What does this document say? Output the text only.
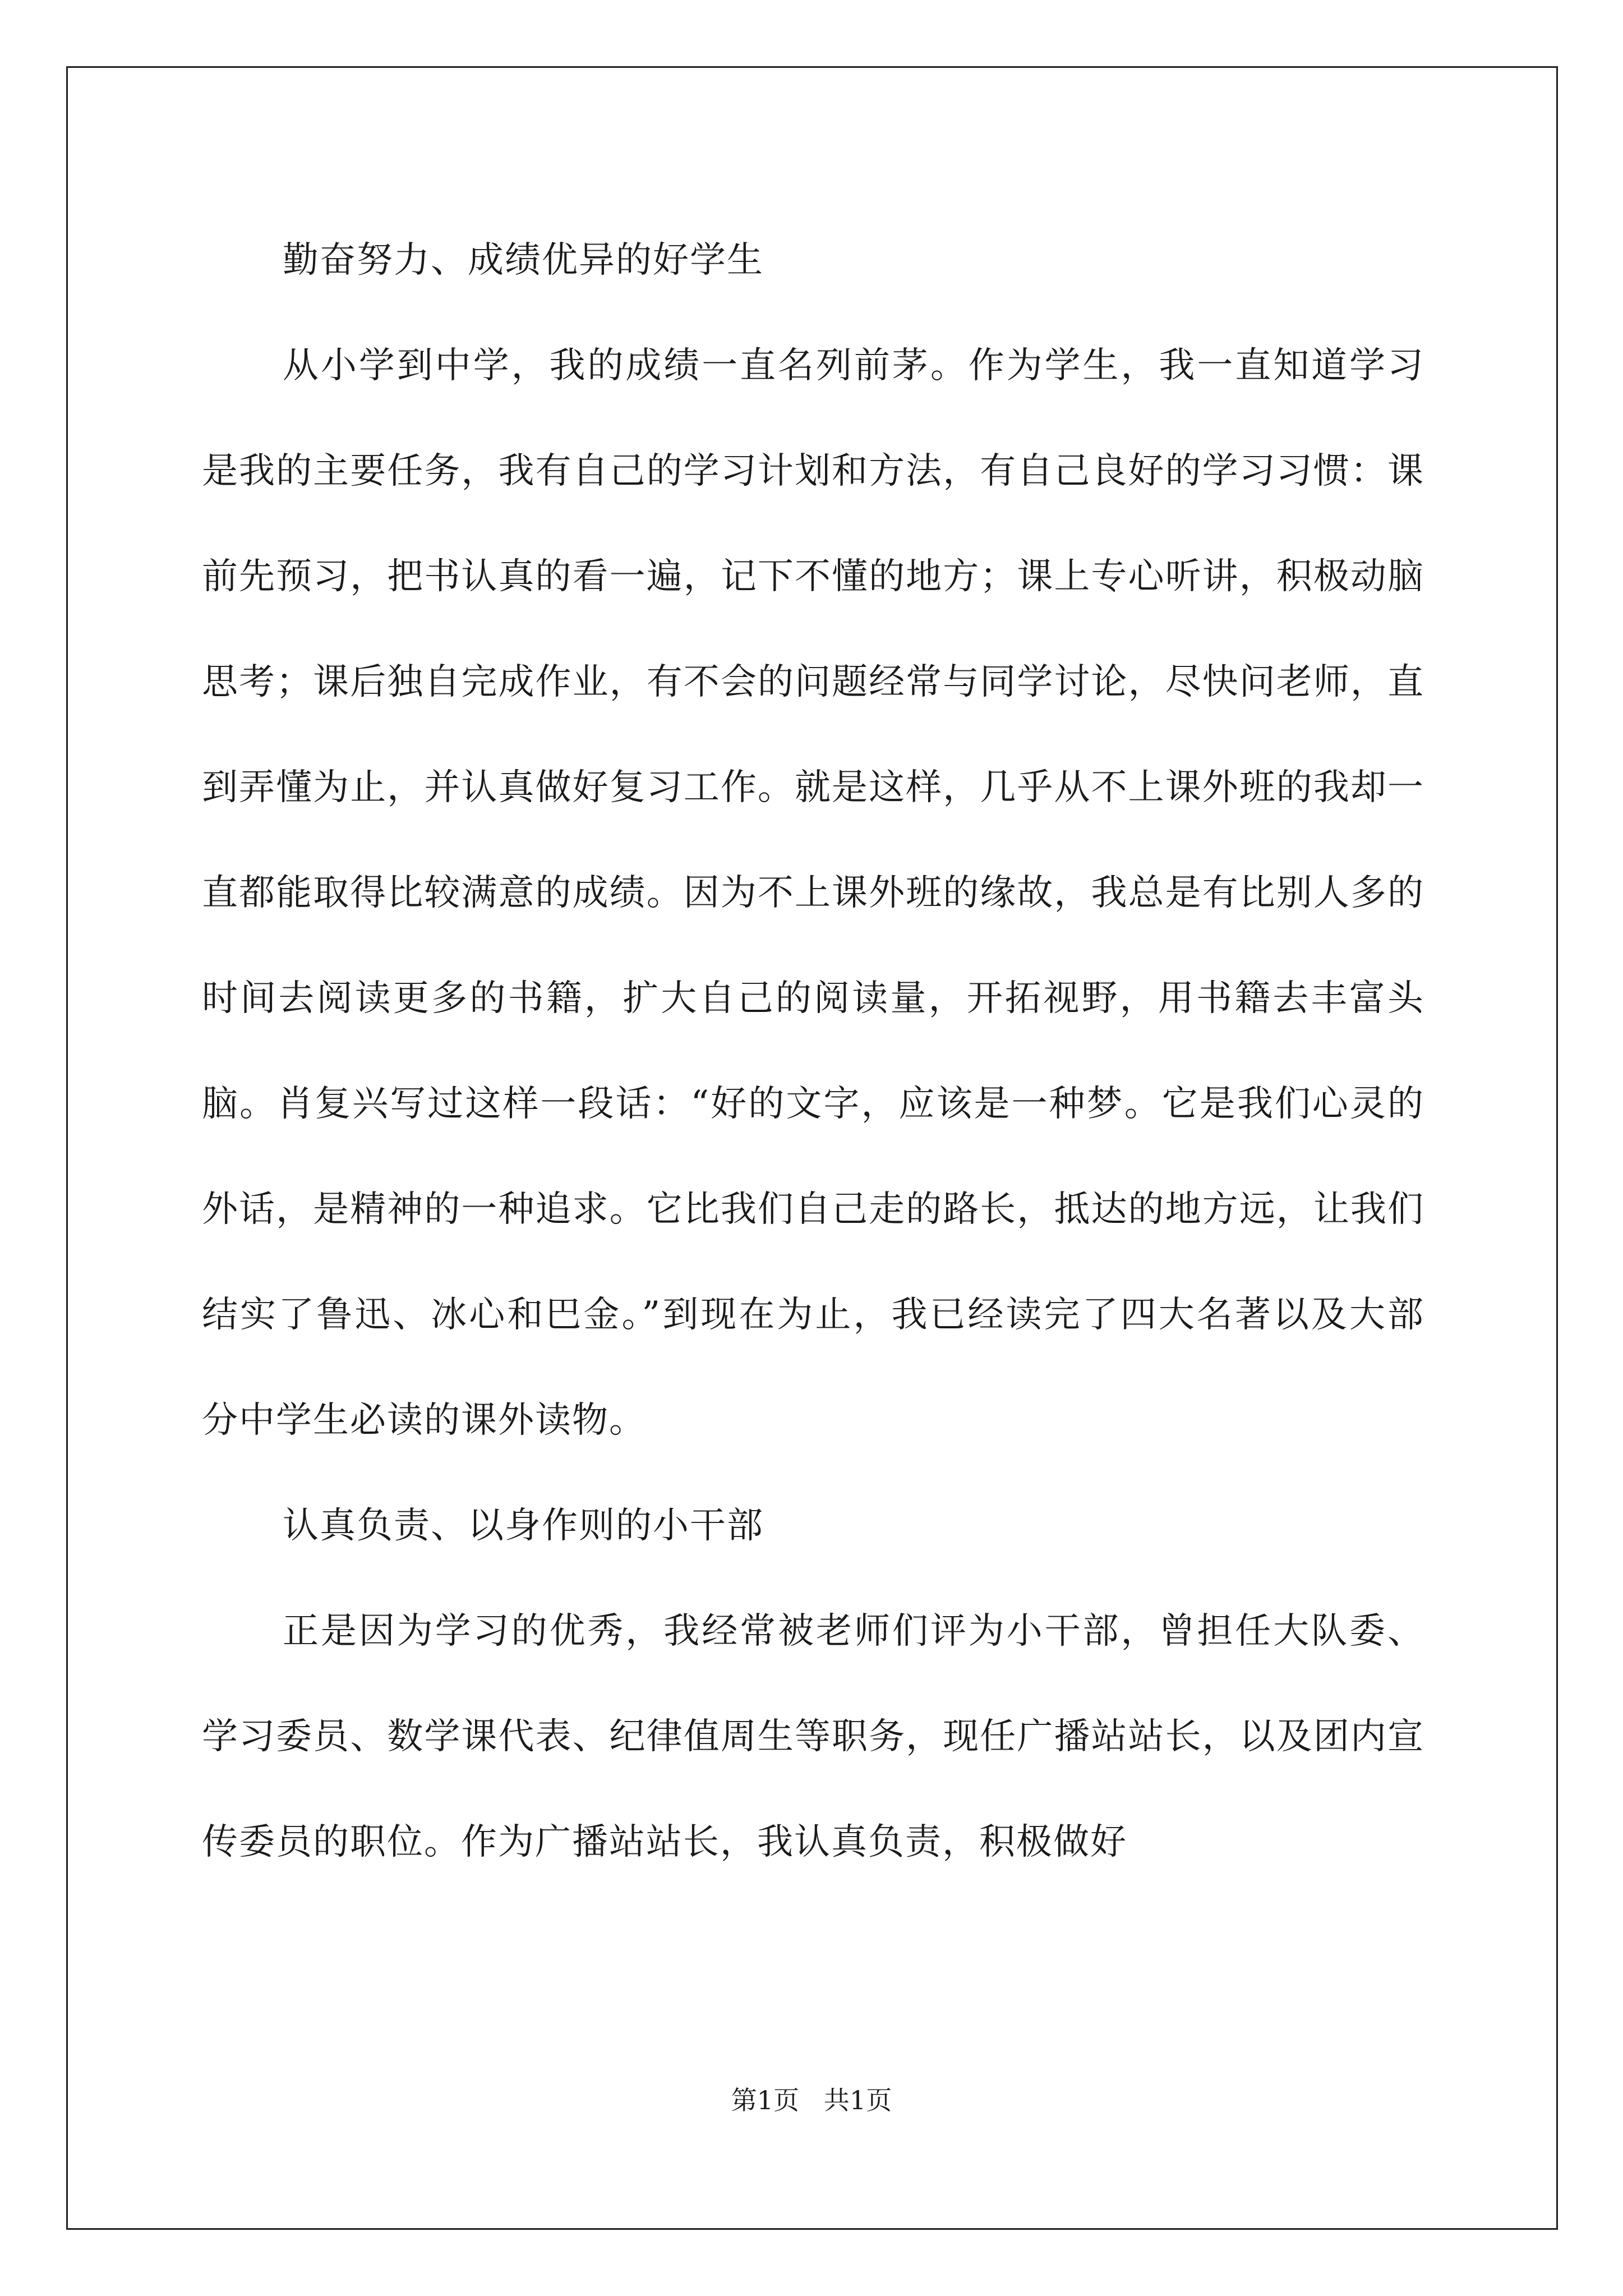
勤奋努力、成绩优异的好学生

从小学到中学，我的成绩一直名列前茅。作为学生，我一直知道学习是我的主要任务，我有自己的学习计划和方法，有自己良好的学习习惯：课前先预习，把书认真的看一遍，记下不懂的地方；课上专心听讲，积极动脑思考；课后独自完成作业，有不会的问题经常与同学讨论，尽快问老师，直到弄懂为止，并认真做好复习工作。就是这样，几乎从不上课外班的我却一直都能取得比较满意的成绩。因为不上课外班的缘故，我总是有比别人多的时间去阅读更多的书籍，扩大自己的阅读量，开拓视野，用书籍去丰富头脑。肖复兴写过这样一段话：“好的文字，应该是一种梦。它是我们心灵的外话，是精神的一种追求。它比我们自己走的路长，抵达的地方远，让我们结实了鲁迅、冰心和巴金。”到现在为止，我已经读完了四大名著以及大部分中学生必读的课外读物。

认真负责、以身作则的小干部

正是因为学习的优秀，我经常被老师们评为小干部，曾担任大队委、学习委员、数学课代表、纪律值周生等职务，现任广播站站长，以及团内宣传委员的职位。作为广播站站长，我认真负责，积极做好

第1页   共1页
